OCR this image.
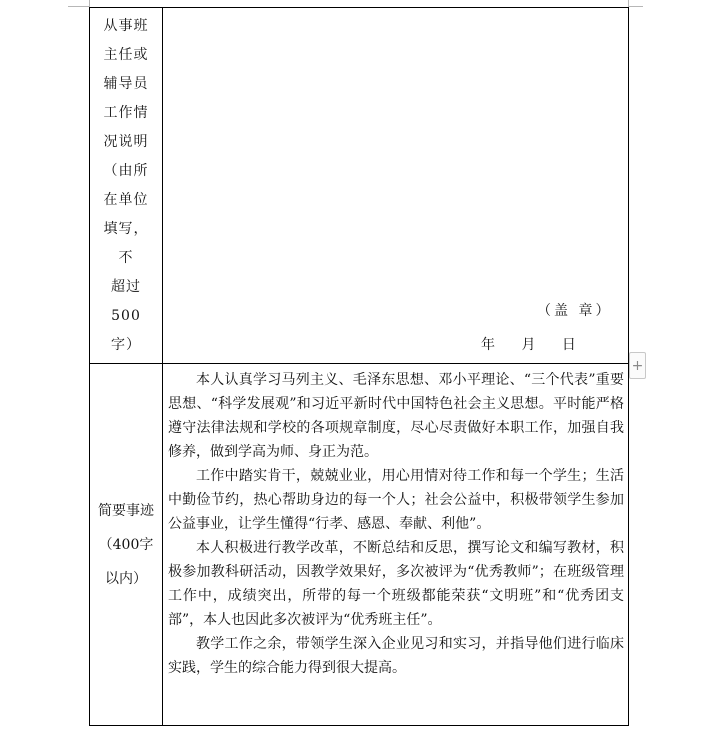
从事班
主任或
辅导员
工作情
况说明
（由所
在单位
填写，不
超过500
字）
（盖 章）
年 月 日
简要事迹
（400字
以内）

本人认真学习马列主义、毛泽东思想、邓小平理论、“三个代表”重要思想、“科学发展观”和习近平新时代中国特色社会主义思想。平时能严格遵守法律法规和学校的各项规章制度，尽心尽责做好本职工作，加强自我修养，做到学高为师、身正为范。

工作中踏实肯干，兢兢业业，用心用情对待工作和每一个学生；生活中勤俭节约，热心帮助身边的每一个人；社会公益中，积极带领学生参加公益事业，让学生懂得“行孝、感恩、奉献、利他”。

本人积极进行教学改革，不断总结和反思，撰写论文和编写教材，积极参加教科研活动，因教学效果好，多次被评为“优秀教师”；在班级管理工作中，成绩突出，所带的每一个班级都能荣获“文明班”和“优秀团支部”，本人也因此多次被评为“优秀班主任”。

教学工作之余，带领学生深入企业见习和实习，并指导他们进行临床实践，学生的综合能力得到很大提高。

+
